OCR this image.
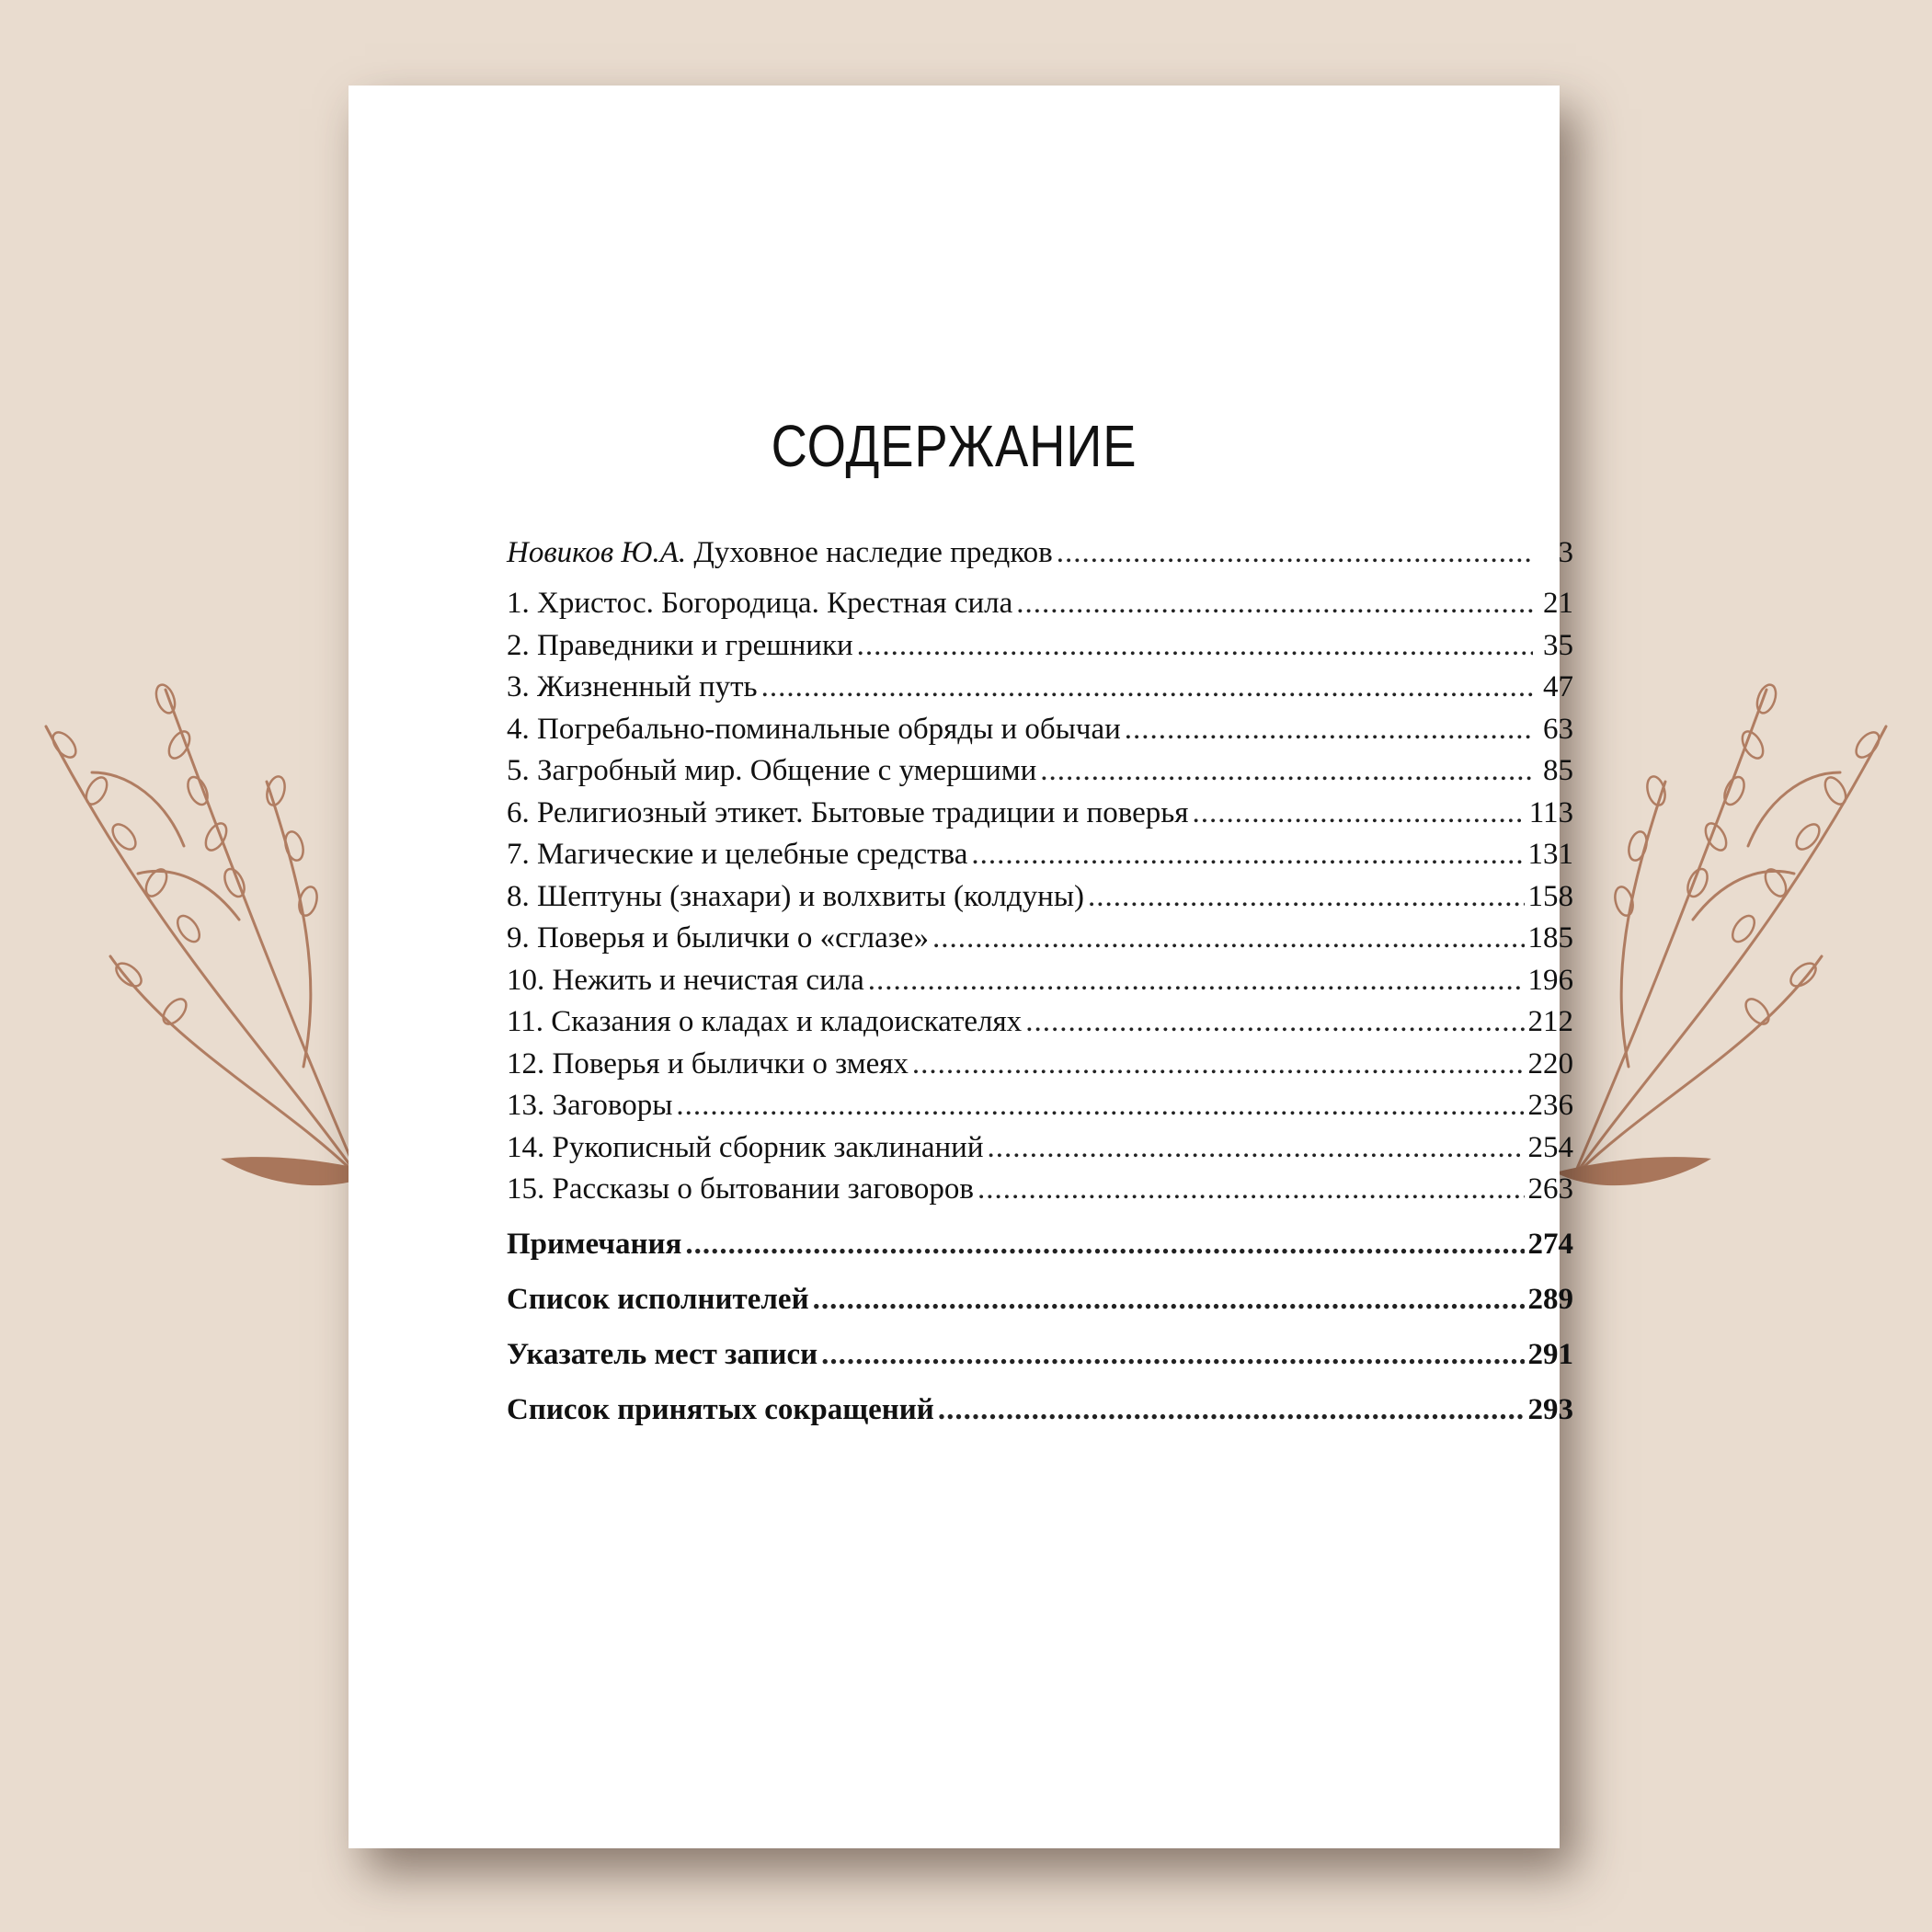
СОДЕРЖАНИЕ
Новиков Ю.А. Духовное наследие предков .....	3
1. Христос. Богородица. Крестная сила .....	21
2. Праведники и грешники .....	35
3. Жизненный путь .....	47
4. Погребально-поминальные обряды и обычаи .....	63
5. Загробный мир. Общение с умершими .....	85
6. Религиозный этикет. Бытовые традиции и поверья .....	113
7. Магические и целебные средства .....	131
8. Шептуны (знахари) и волхвиты (колдуны) .....	158
9. Поверья и былички о «сглазе» .....	185
10. Нежить и нечистая сила .....	196
11. Сказания о кладах и кладоискателях .....	212
12. Поверья и былички о змеях .....	220
13. Заговоры .....	236
14. Рукописный сборник заклинаний .....	254
15. Рассказы о бытовании заговоров .....	263
Примечания .....	274
Список исполнителей .....	289
Указатель мест записи .....	291
Список принятых сокращений .....	293
